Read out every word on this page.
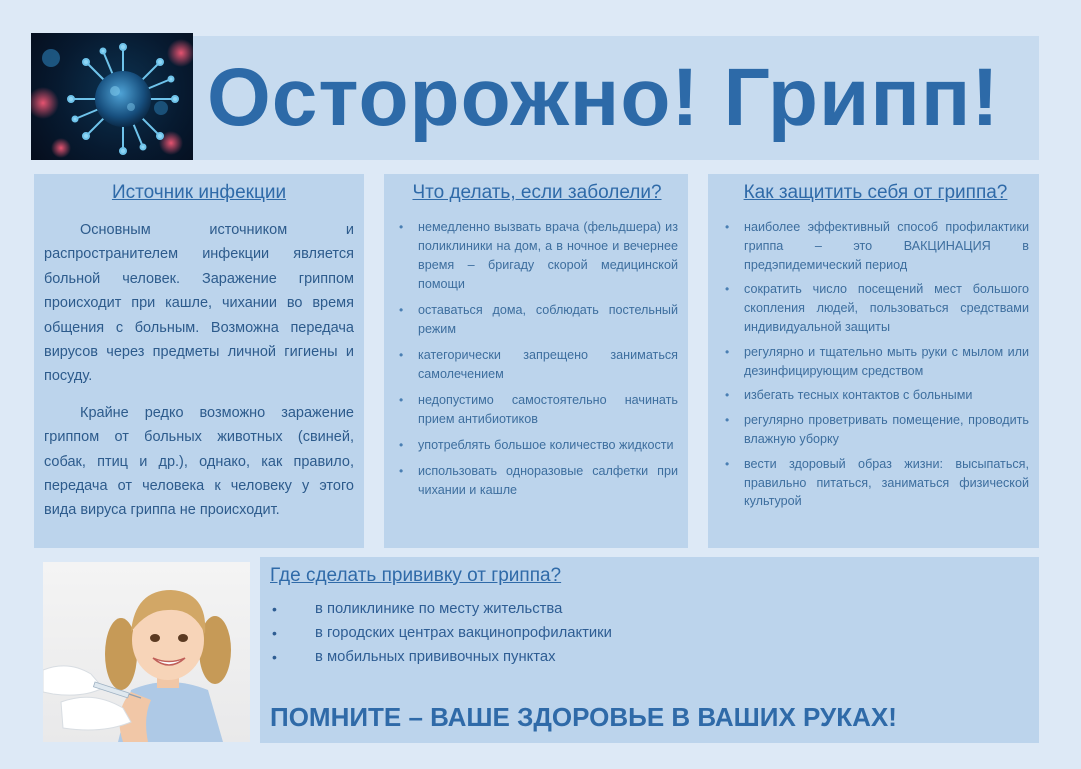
Осторожно! Грипп!
Источник инфекции

Основным источником и распространителем инфекции является больной человек. Заражение гриппом происходит при кашле, чихании во время общения с больным. Возможна передача вирусов через предметы личной гигиены и посуду.

Крайне редко возможно заражение гриппом от больных животных (свиней, собак, птиц и др.), однако, как правило, передача от человека к человеку у этого вида вируса гриппа не происходит.

Что делать, если заболели?
• немедленно вызвать врача (фельдшера) из поликлиники на дом, а в ночное и вечернее время – бригаду скорой медицинской помощи
• оставаться дома, соблюдать постельный режим
• категорически запрещено заниматься самолечением
• недопустимо самостоятельно начинать прием антибиотиков
• употреблять большое количество жидкости
• использовать одноразовые салфетки при чихании и кашле
Как защитить себя от гриппа?
• наиболее эффективный способ профилактики гриппа – это ВАКЦИНАЦИЯ в предэпидемический период
• сократить число посещений мест большого скопления людей, пользоваться средствами индивидуальной защиты
• регулярно и тщательно мыть руки с мылом или дезинфицирующим средством
• избегать тесных контактов с больными
• регулярно проветривать помещение, проводить влажную уборку
• вести здоровый образ жизни: высыпаться, правильно питаться, заниматься физической культурой
Где сделать прививку от гриппа?
•	в поликлинике по месту жительства
•	в городских центрах вакцинопрофилактики
•	в мобильных прививочных пунктах
ПОМНИТЕ – ВАШЕ ЗДОРОВЬЕ В ВАШИХ РУКАХ!
